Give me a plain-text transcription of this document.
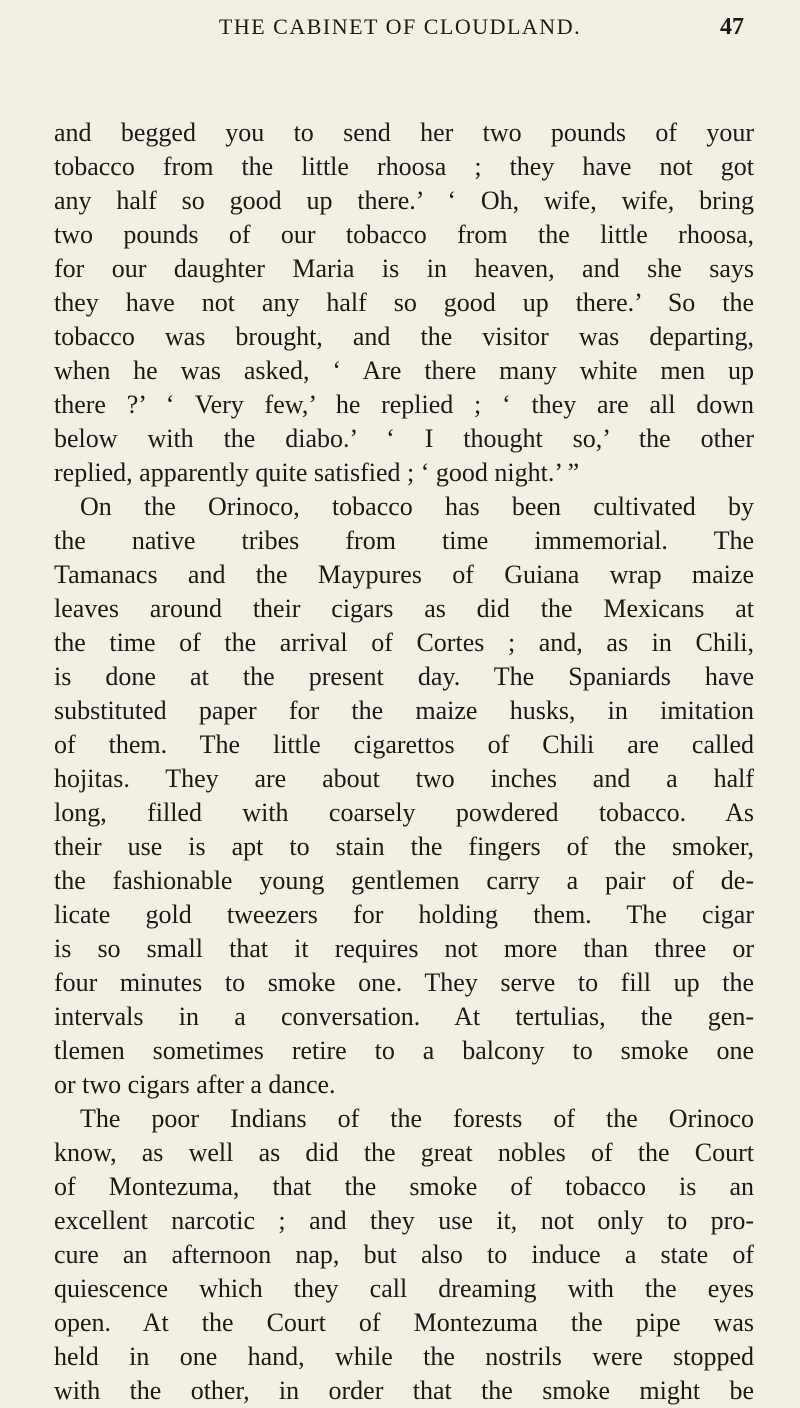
THE CABINET OF CLOUDLAND.	47
and begged you to send her two pounds of your
tobacco from the little rhoosa ; they have not got
any half so good up there.’ ‘ Oh, wife, wife, bring
two pounds of our tobacco from the little rhoosa,
for our daughter Maria is in heaven, and she says
they have not any half so good up there.’ So the
tobacco was brought, and the visitor was departing,
when he was asked, ‘ Are there many white men up
there ?’ ‘ Very few,’ he replied ; ‘ they are all down
below with the diabo.’ ‘ I thought so,’ the other
replied, apparently quite satisfied ; ‘ good night.’ ”
On the Orinoco, tobacco has been cultivated by
the native tribes from time immemorial. The
Tamanacs and the Maypures of Guiana wrap maize
leaves around their cigars as did the Mexicans at
the time of the arrival of Cortes ; and, as in Chili,
is done at the present day. The Spaniards have
substituted paper for the maize husks, in imitation
of them. The little cigarettos of Chili are called
hojitas. They are about two inches and a half
long, filled with coarsely powdered tobacco. As
their use is apt to stain the fingers of the smoker,
the fashionable young gentlemen carry a pair of de-
licate gold tweezers for holding them. The cigar
is so small that it requires not more than three or
four minutes to smoke one. They serve to fill up the
intervals in a conversation. At tertulias, the gen-
tlemen sometimes retire to a balcony to smoke one
or two cigars after a dance.
The poor Indians of the forests of the Orinoco
know, as well as did the great nobles of the Court
of Montezuma, that the smoke of tobacco is an
excellent narcotic ; and they use it, not only to pro-
cure an afternoon nap, but also to induce a state of
quiescence which they call dreaming with the eyes
open. At the Court of Montezuma the pipe was
held in one hand, while the nostrils were stopped
with the other, in order that the smoke might be
